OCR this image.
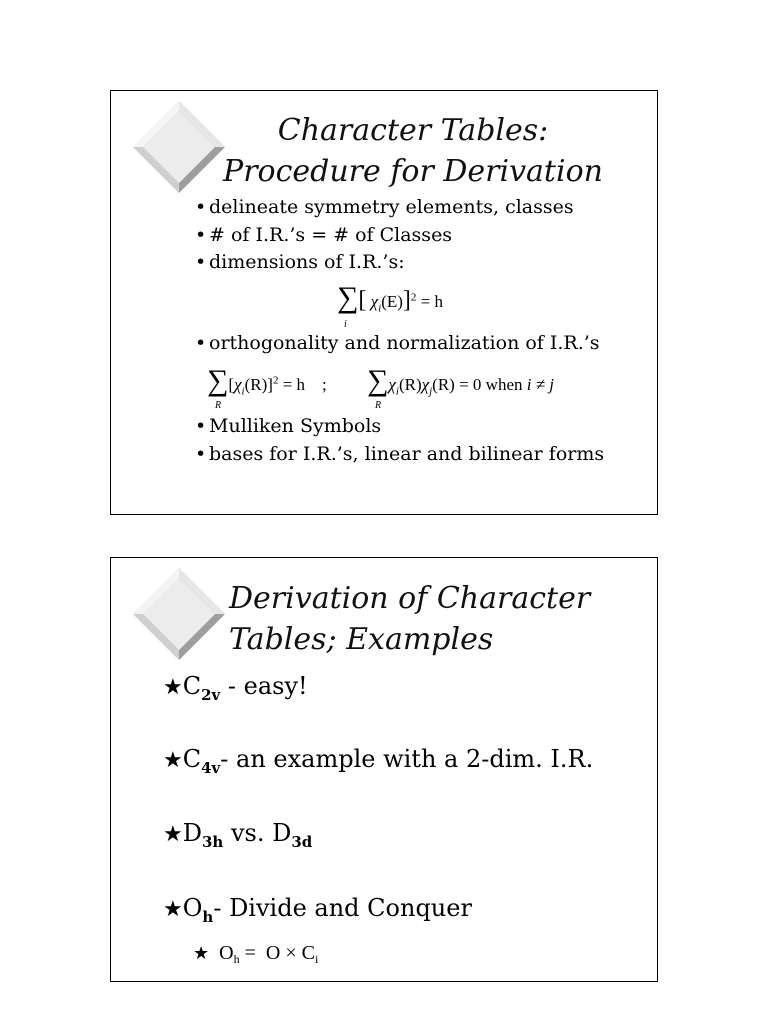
Character Tables:
Procedure for Derivation
• delineate symmetry elements, classes
• # of I.R.’s = # of Classes
• dimensions of I.R.’s:
∑[ $\chi_i(E)]^2 = h$
i
• orthogonality and normalization of I.R.’s
$\sum[\chi_i(R)]^2 = h$ ;
R
$\sum\chi_i(R)\chi_j(R) = 0$ when i ≠ j
R
• Mulliken Symbols
• bases for I.R.’s, linear and bilinear forms
Derivation of Character
Tables; Examples
$★C_{2v}$ - easy!
$★C_{4v}-$ an example with a 2-dim. I.R.
$★D_{3h}$ vs. $D_{3d}$
$★O_h-$ Divide and Conquer
★ $O_h = O \times C_i$
